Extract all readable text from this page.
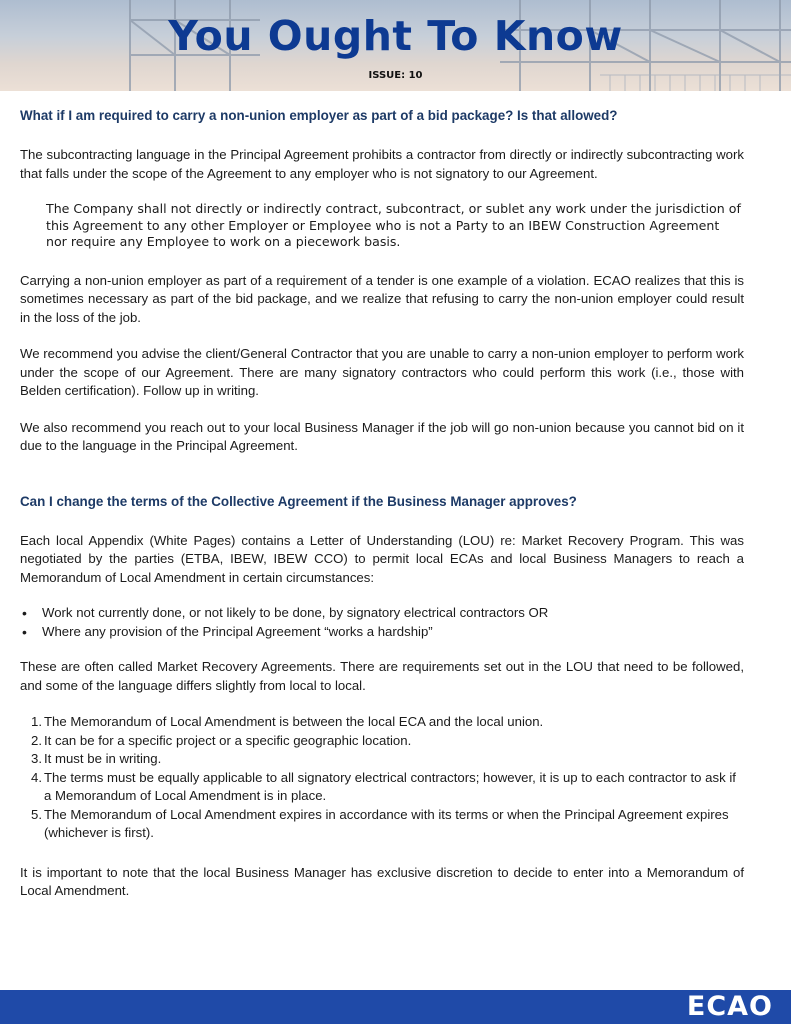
You Ought To Know
ISSUE: 10
What if I am required to carry a non-union employer as part of a bid package? Is that allowed?
The subcontracting language in the Principal Agreement prohibits a contractor from directly or indirectly subcontracting work that falls under the scope of the Agreement to any employer who is not signatory to our Agreement.
The Company shall not directly or indirectly contract, subcontract, or sublet any work under the jurisdiction of this Agreement to any other Employer or Employee who is not a Party to an IBEW Construction Agreement nor require any Employee to work on a piecework basis.
Carrying a non-union employer as part of a requirement of a tender is one example of a violation. ECAO realizes that this is sometimes necessary as part of the bid package, and we realize that refusing to carry the non-union employer could result in the loss of the job.
We recommend you advise the client/General Contractor that you are unable to carry a non-union employer to perform work under the scope of our Agreement. There are many signatory contractors who could perform this work (i.e., those with Belden certification). Follow up in writing.
We also recommend you reach out to your local Business Manager if the job will go non-union because you cannot bid on it due to the language in the Principal Agreement.
Can I change the terms of the Collective Agreement if the Business Manager approves?
Each local Appendix (White Pages) contains a Letter of Understanding (LOU) re: Market Recovery Program. This was negotiated by the parties (ETBA, IBEW, IBEW CCO) to permit local ECAs and local Business Managers to reach a Memorandum of Local Amendment in certain circumstances:
• Work not currently done, or not likely to be done, by signatory electrical contractors OR
• Where any provision of the Principal Agreement “works a hardship”
These are often called Market Recovery Agreements. There are requirements set out in the LOU that need to be followed, and some of the language differs slightly from local to local.
1. The Memorandum of Local Amendment is between the local ECA and the local union.
2. It can be for a specific project or a specific geographic location.
3. It must be in writing.
4. The terms must be equally applicable to all signatory electrical contractors; however, it is up to each contractor to ask if a Memorandum of Local Amendment is in place.
5. The Memorandum of Local Amendment expires in accordance with its terms or when the Principal Agreement expires (whichever is first).
It is important to note that the local Business Manager has exclusive discretion to decide to enter into a Memorandum of Local Amendment.
ECAO
